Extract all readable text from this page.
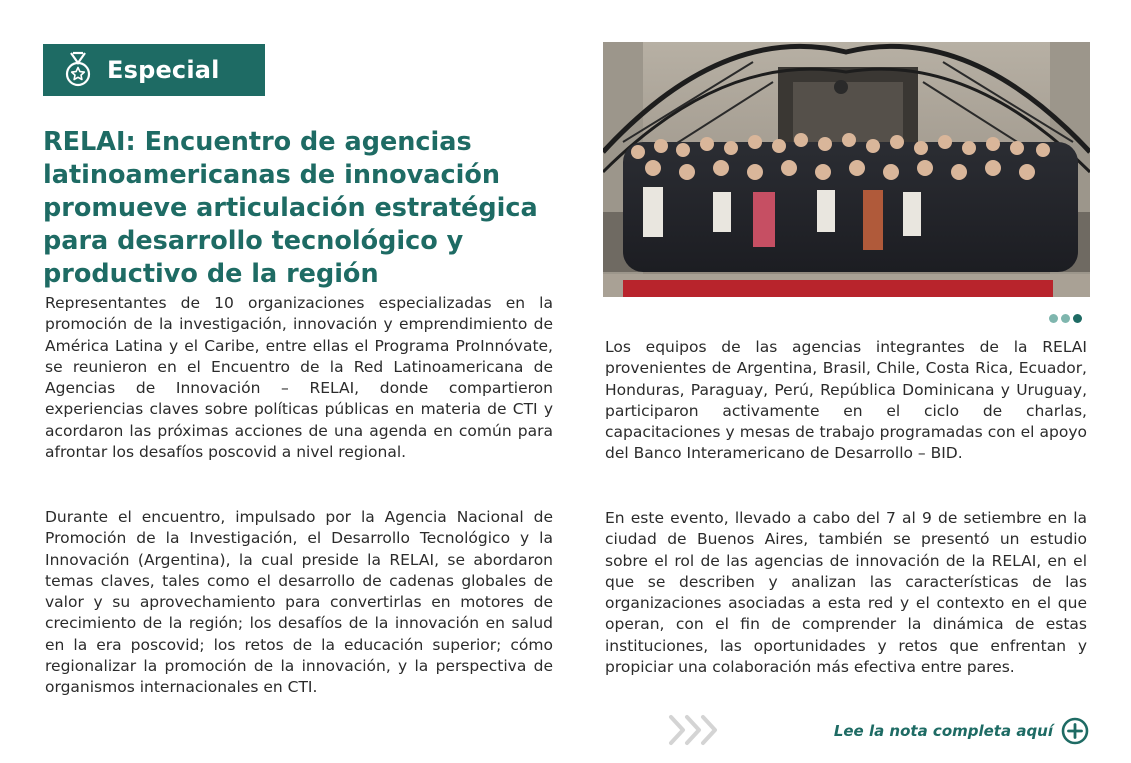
Especial
RELAI: Encuentro de agencias latinoamericanas de innovación promueve articulación estratégica para desarrollo tecnológico y productivo de la región

Representantes de 10 organizaciones especializadas en la promoción de la investigación, innovación y emprendimiento de América Latina y el Caribe, entre ellas el Programa ProInnóvate, se reunieron en el Encuentro de la Red Latinoamericana de Agencias de Innovación – RELAI, donde compartieron experiencias claves sobre políticas públicas en materia de CTI y acordaron las próximas acciones de una agenda en común para afrontar los desafíos poscovid a nivel regional.

Durante el encuentro, impulsado por la Agencia Nacional de Promoción de la Investigación, el Desarrollo Tecnológico y la Innovación (Argentina), la cual preside la RELAI, se abordaron temas claves, tales como el desarrollo de cadenas globales de valor y su aprovechamiento para convertirlas en motores de crecimiento de la región; los desafíos de la innovación en salud en la era poscovid; los retos de la educación superior; cómo regionalizar la promoción de la innovación, y la perspectiva de organismos internacionales en CTI.

Los equipos de las agencias integrantes de la RELAI provenientes de Argentina, Brasil, Chile, Costa Rica, Ecuador, Honduras, Paraguay, Perú, República Dominicana y Uruguay, participaron activamente en el ciclo de charlas, capacitaciones y mesas de trabajo programadas con el apoyo del Banco Interamericano de Desarrollo – BID.

En este evento, llevado a cabo del 7 al 9 de setiembre en la ciudad de Buenos Aires, también se presentó un estudio sobre el rol de las agencias de innovación de la RELAI, en el que se describen y analizan las características de las organizaciones asociadas a esta red y el contexto en el que operan, con el fin de comprender la dinámica de estas instituciones, las oportunidades y retos que enfrentan y propiciar una colaboración más efectiva entre pares.

Lee la nota completa aquí
